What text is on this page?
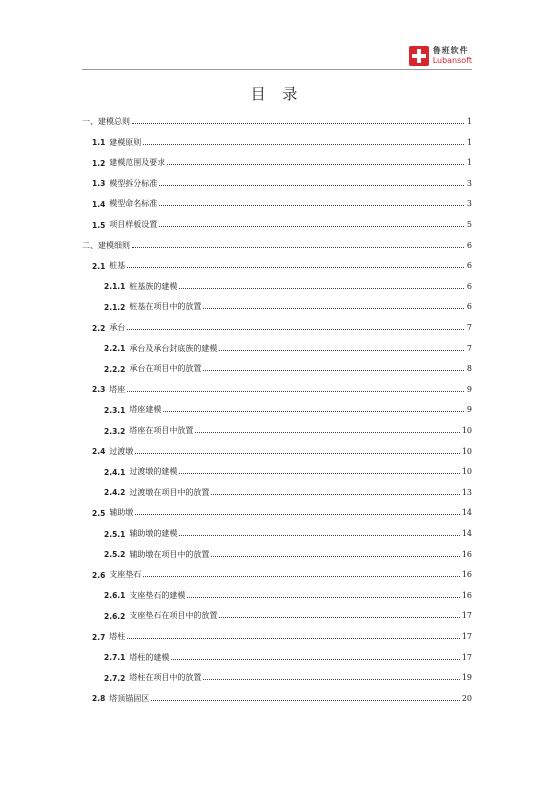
鲁班软件
Lubansoft
目 录
一、建模总则	1
1.1 建模原则	1
1.2 建模范围及要求	1
1.3 模型拆分标准	3
1.4 模型命名标准	3
1.5 项目样板设置	5
二、建模细则	6
2.1 桩基	6
2.1.1 桩基族的建模	6
2.1.2 桩基在项目中的放置	6
2.2 承台	7
2.2.1 承台及承台封底族的建模	7
2.2.2 承台在项目中的放置	8
2.3 塔座	9
2.3.1 塔座建模	9
2.3.2 塔座在项目中放置	10
2.4 过渡墩	10
2.4.1 过渡墩的建模	10
2.4.2 过渡墩在项目中的放置	13
2.5 辅助墩	14
2.5.1 辅助墩的建模	14
2.5.2 辅助墩在项目中的放置	16
2.6 支座垫石	16
2.6.1 支座垫石的建模	16
2.6.2 支座垫石在项目中的放置	17
2.7 塔柱	17
2.7.1 塔柱的建模	17
2.7.2 塔柱在项目中的放置	19
2.8 塔顶锚固区	20
